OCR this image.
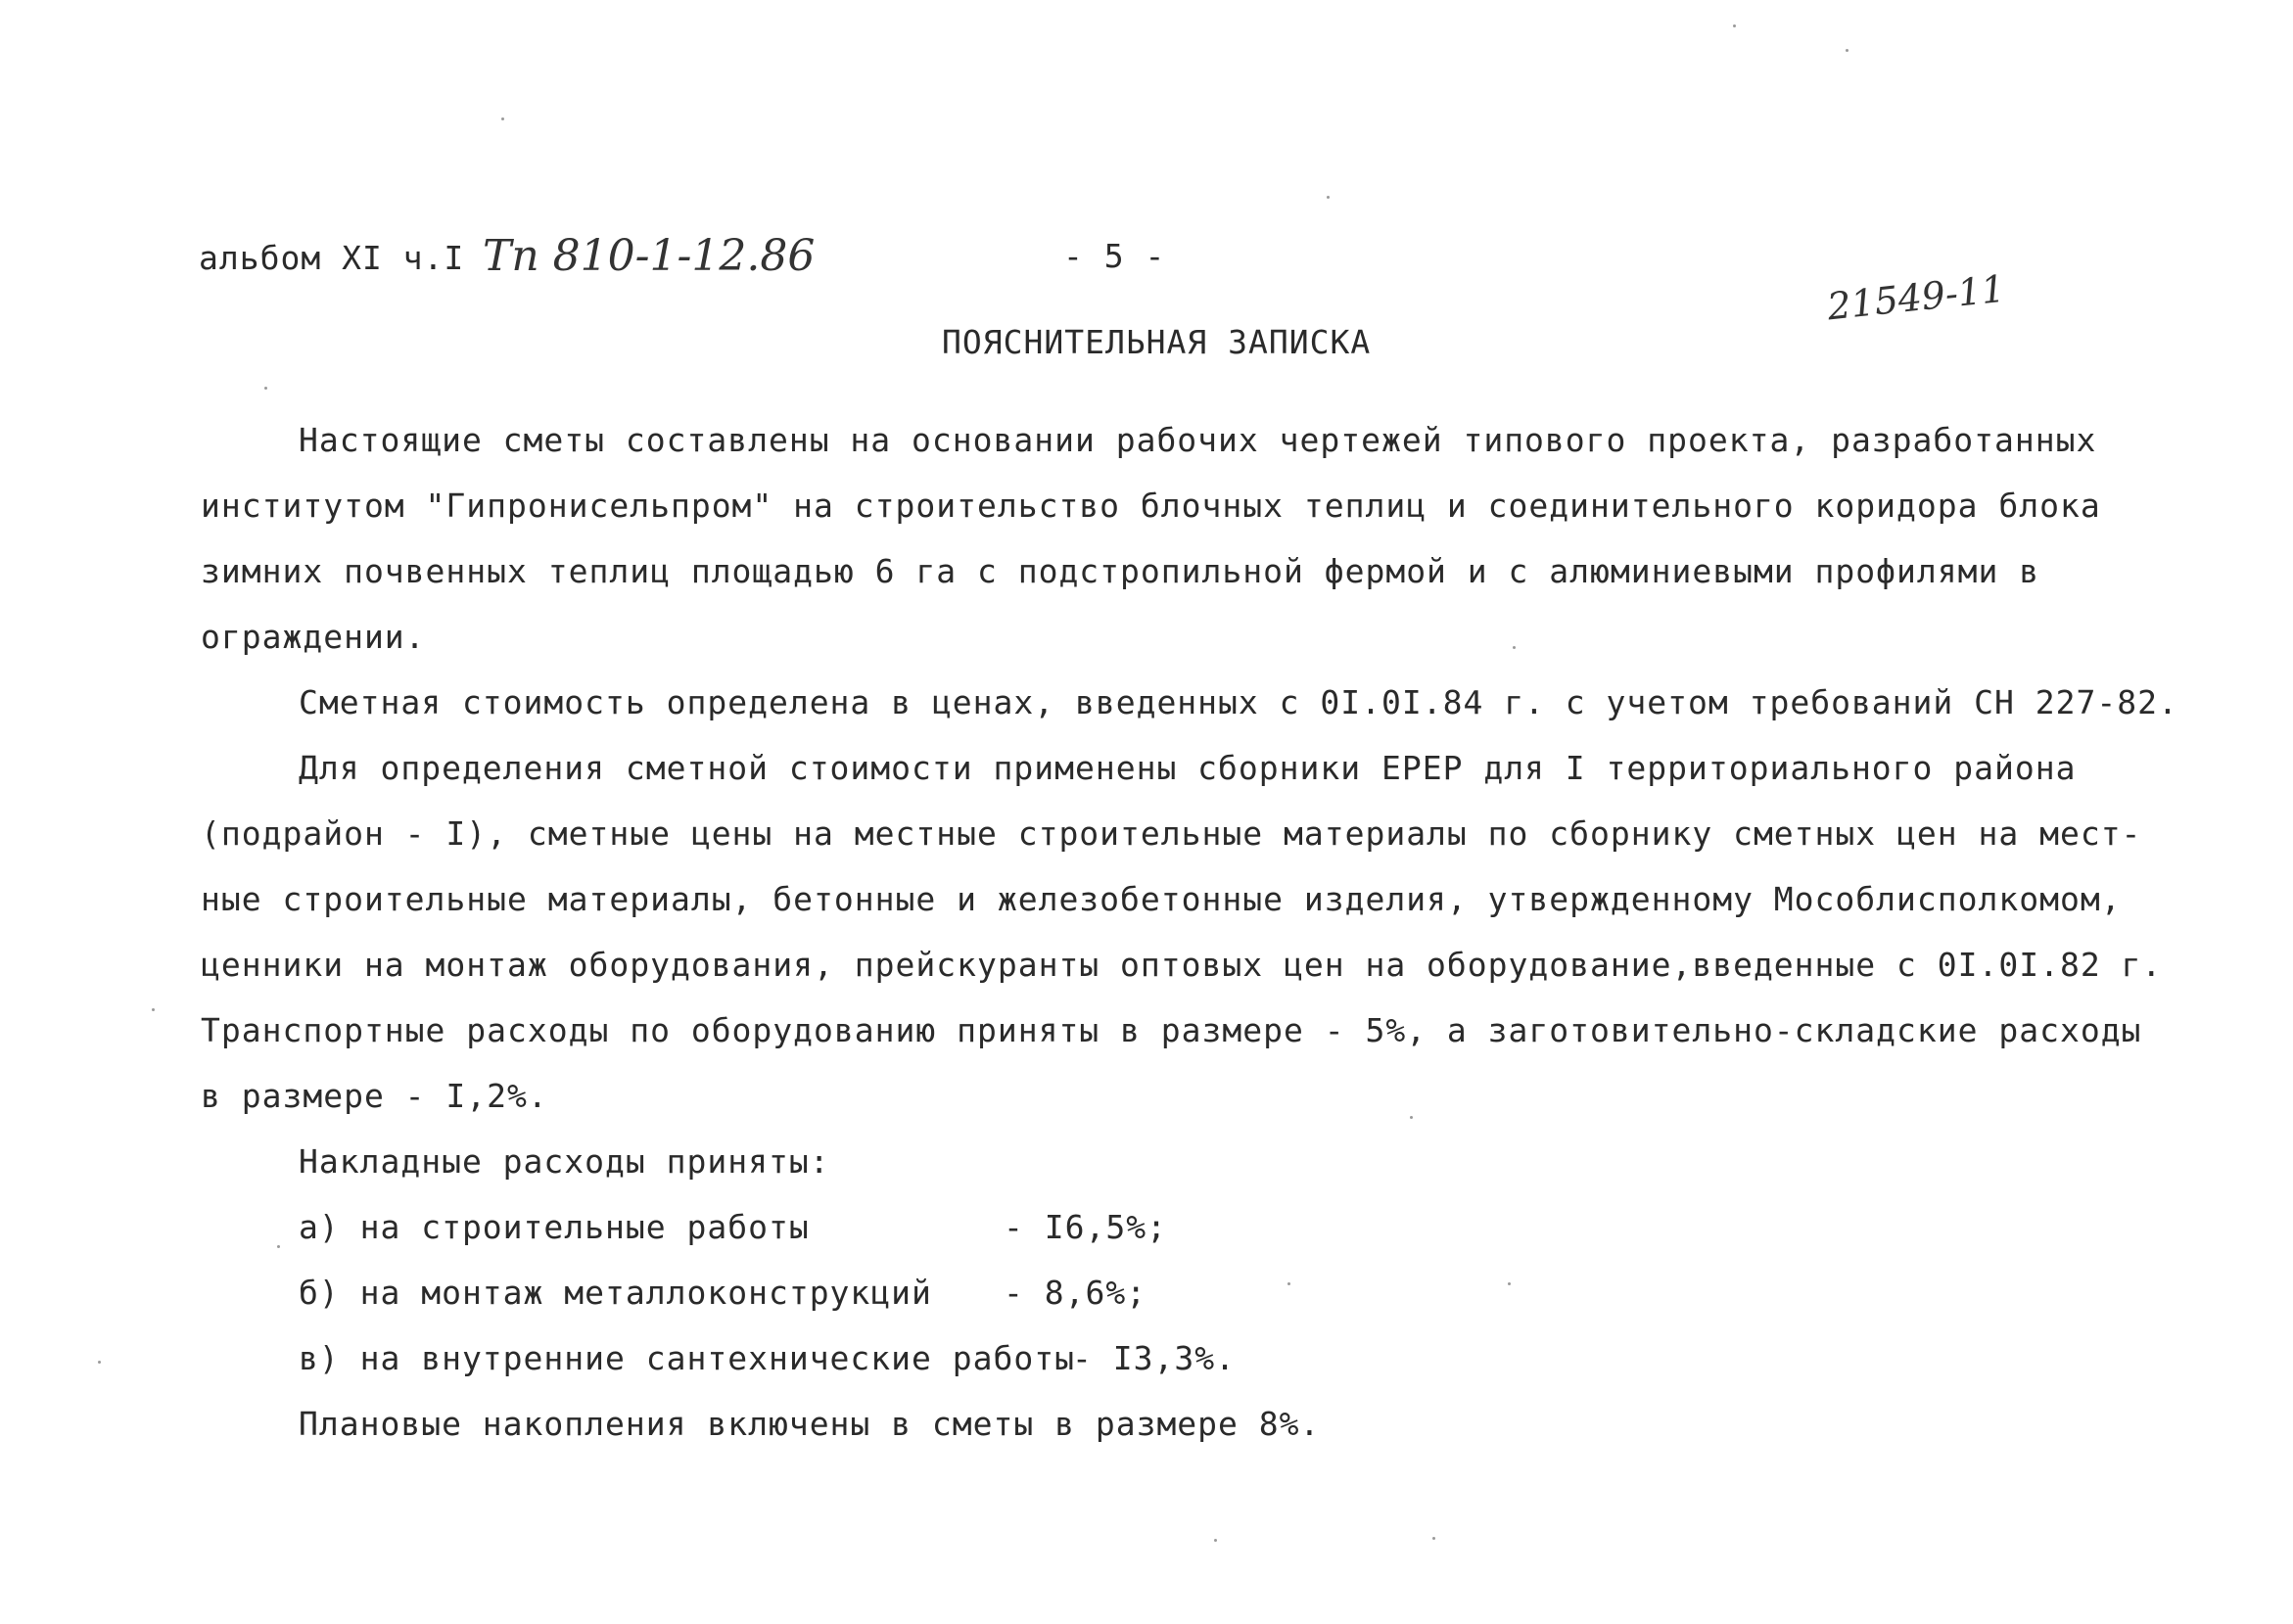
альбом XI ч.I Тп 810-1-12.86	- 5 -
21549-11
ПОЯСНИТЕЛЬНАЯ ЗАПИСКА
Настоящие сметы составлены на основании рабочих чертежей типового проекта, разработанных
институтом "Гипронисельпром" на строительство блочных теплиц и соединительного коридора блока
зимних почвенных теплиц площадью 6 га с подстропильной фермой и с алюминиевыми профилями в
ограждении.
Сметная стоимость определена в ценах, введенных с 0I.0I.84 г. с учетом требований СН 227-82.
Для определения сметной стоимости применены сборники ЕРЕР для I территориального района
(подрайон - I), сметные цены на местные строительные материалы по сборнику сметных цен на мест-
ные строительные материалы, бетонные и железобетонные изделия, утвержденному Мособлисполкомом,
ценники на монтаж оборудования, прейскуранты оптовых цен на оборудование,введенные с 0I.0I.82 г.
Транспортные расходы по оборудованию приняты в размере - 5%, а заготовительно-складские расходы
в размере - I,2%.
Накладные расходы приняты:
а) на строительные работы	- I6,5%;
б) на монтаж металлоконструкций - 8,6%;
в) на внутренние сантехнические работы
- I3,3%.
Плановые накопления включены в сметы в размере 8%.
